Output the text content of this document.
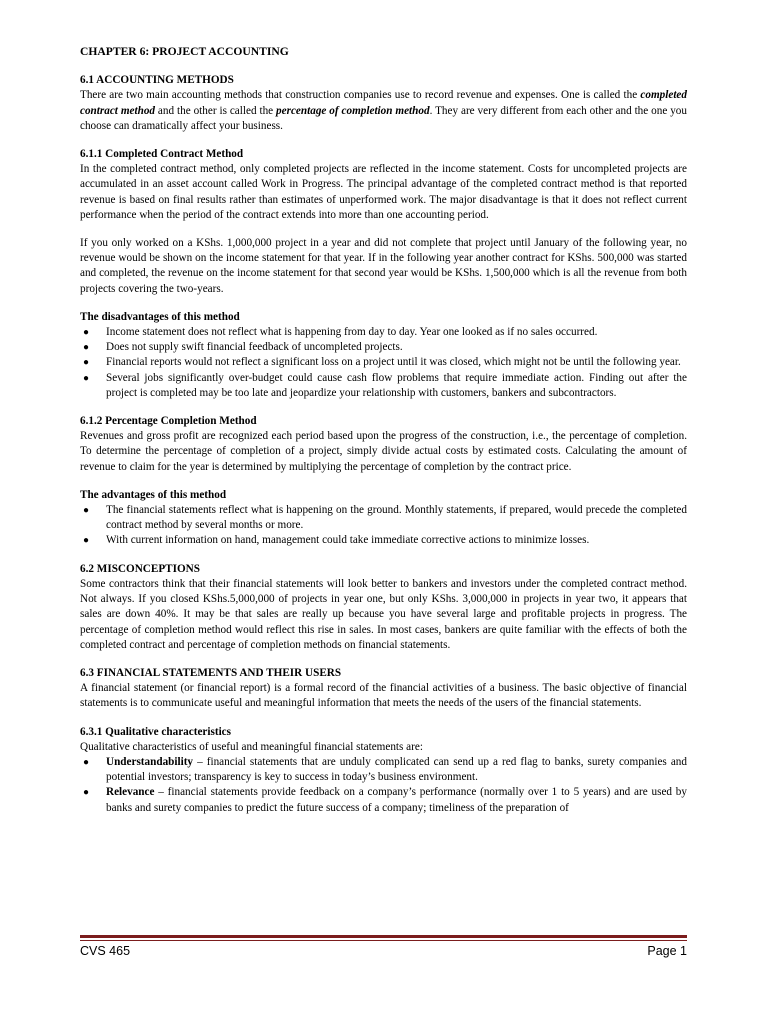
CHAPTER 6: PROJECT ACCOUNTING
6.1 ACCOUNTING METHODS

There are two main accounting methods that construction companies use to record revenue and expenses. One is called the completed contract method and the other is called the percentage of completion method. They are very different from each other and the one you choose can dramatically affect your business.

6.1.1 Completed Contract Method

In the completed contract method, only completed projects are reflected in the income statement. Costs for uncompleted projects are accumulated in an asset account called Work in Progress. The principal advantage of the completed contract method is that reported revenue is based on final results rather than estimates of unperformed work. The major disadvantage is that it does not reflect current performance when the period of the contract extends into more than one accounting period.

If you only worked on a KShs. 1,000,000 project in a year and did not complete that project until January of the following year, no revenue would be shown on the income statement for that year. If in the following year another contract for KShs. 500,000 was started and completed, the revenue on the income statement for that second year would be KShs. 1,500,000 which is all the revenue from both projects covering the two-years.

The disadvantages of this method
● Income statement does not reflect what is happening from day to day. Year one looked as if no sales occurred.
● Does not supply swift financial feedback of uncompleted projects.
● Financial reports would not reflect a significant loss on a project until it was closed, which might not be until the following year.
● Several jobs significantly over-budget could cause cash flow problems that require immediate action. Finding out after the project is completed may be too late and jeopardize your relationship with customers, bankers and subcontractors.
6.1.2 Percentage Completion Method

Revenues and gross profit are recognized each period based upon the progress of the construction, i.e., the percentage of completion. To determine the percentage of completion of a project, simply divide actual costs by estimated costs. Calculating the amount of revenue to claim for the year is determined by multiplying the percentage of completion by the contract price.

The advantages of this method
● The financial statements reflect what is happening on the ground. Monthly statements, if prepared, would precede the completed contract method by several months or more.
● With current information on hand, management could take immediate corrective actions to minimize losses.
6.2 MISCONCEPTIONS

Some contractors think that their financial statements will look better to bankers and investors under the completed contract method. Not always. If you closed KShs.5,000,000 of projects in year one, but only KShs. 3,000,000 in projects in year two, it appears that sales are down 40%. It may be that sales are really up because you have several large and profitable projects in progress. The percentage of completion method would reflect this rise in sales. In most cases, bankers are quite familiar with the effects of both the completed contract and percentage of completion methods on financial statements.

6.3 FINANCIAL STATEMENTS AND THEIR USERS

A financial statement (or financial report) is a formal record of the financial activities of a business. The basic objective of financial statements is to communicate useful and meaningful information that meets the needs of the users of the financial statements.

6.3.1 Qualitative characteristics

Qualitative characteristics of useful and meaningful financial statements are:

● Understandability – financial statements that are unduly complicated can send up a red flag to banks, surety companies and potential investors; transparency is key to success in today’s business environment.
● Relevance – financial statements provide feedback on a company’s performance (normally over 1 to 5 years) and are used by banks and surety companies to predict the future success of a company; timeliness of the preparation of
CVS 465	Page 1
